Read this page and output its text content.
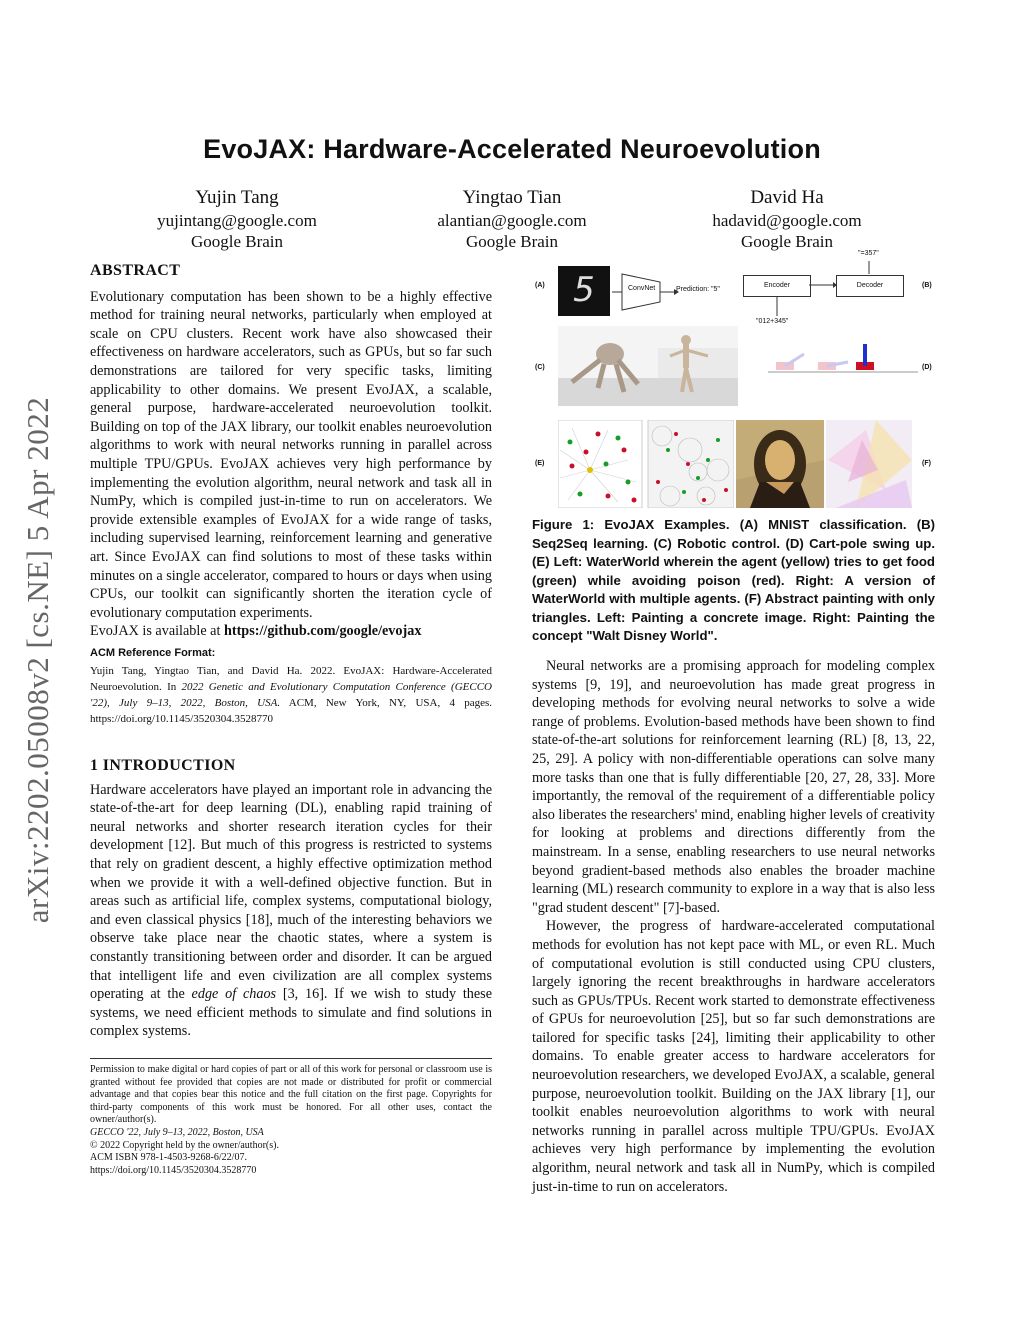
arXiv:2202.05008v2 [cs.NE] 5 Apr 2022
EvoJAX: Hardware-Accelerated Neuroevolution
Yujin Tang
yujintang@google.com
Google Brain
Yingtao Tian
alantian@google.com
Google Brain
David Ha
hadavid@google.com
Google Brain
ABSTRACT

Evolutionary computation has been shown to be a highly effective method for training neural networks, particularly when employed at scale on CPU clusters. Recent work have also showcased their effectiveness on hardware accelerators, such as GPUs, but so far such demonstrations are tailored for very specific tasks, limiting applicability to other domains. We present EvoJAX, a scalable, general purpose, hardware-accelerated neuroevolution toolkit. Building on top of the JAX library, our toolkit enables neuroevolution algorithms to work with neural networks running in parallel across multiple TPU/GPUs. EvoJAX achieves very high performance by implementing the evolution algorithm, neural network and task all in NumPy, which is compiled just-in-time to run on accelerators. We provide extensible examples of EvoJAX for a wide range of tasks, including supervised learning, reinforcement learning and generative art. Since EvoJAX can find solutions to most of these tasks within minutes on a single accelerator, compared to hours or days when using CPUs, our toolkit can significantly shorten the iteration cycle of evolutionary computation experiments.

EvoJAX is available at https://github.com/google/evojax

ACM Reference Format:

Yujin Tang, Yingtao Tian, and David Ha. 2022. EvoJAX: Hardware-Accelerated Neuroevolution. In 2022 Genetic and Evolutionary Computation Conference (GECCO '22), July 9–13, 2022, Boston, USA. ACM, New York, NY, USA, 4 pages. https://doi.org/10.1145/3520304.3528770

1 INTRODUCTION

Hardware accelerators have played an important role in advancing the state-of-the-art for deep learning (DL), enabling rapid training of neural networks and shorter research iteration cycles for their development [12]. But much of this progress is restricted to systems that rely on gradient descent, a highly effective optimization method when we provide it with a well-defined objective function. But in areas such as artificial life, complex systems, computational biology, and even classical physics [18], much of the interesting behaviors we observe take place near the chaotic states, where a system is constantly transitioning between order and disorder. It can be argued that intelligent life and even civilization are all complex systems operating at the edge of chaos [3, 16]. If we wish to study these systems, we need efficient methods to simulate and find solutions in complex systems.

Permission to make digital or hard copies of part or all of this work for personal or classroom use is granted without fee provided that copies are not made or distributed for profit or commercial advantage and that copies bear this notice and the full citation on the first page. Copyrights for third-party components of this work must be honored. For all other uses, contact the owner/author(s).
GECCO '22, July 9–13, 2022, Boston, USA
© 2022 Copyright held by the owner/author(s).
ACM ISBN 978-1-4503-9268-6/22/07.
https://doi.org/10.1145/3520304.3528770
(A) 5	ConvNet	Prediction: "5"
"=357"
Encoder	Decoder
"012+345"
(B)
(C)	(D)
(E)	(F)
Figure 1: EvoJAX Examples. (A) MNIST classification. (B) Seq2Seq learning. (C) Robotic control. (D) Cart-pole swing up. (E) Left: WaterWorld wherein the agent (yellow) tries to get food (green) while avoiding poison (red). Right: A version of WaterWorld with multiple agents. (F) Abstract painting with only triangles. Left: Painting a concrete image. Right: Painting the concept "Walt Disney World".

Neural networks are a promising approach for modeling complex systems [9, 19], and neuroevolution has made great progress in developing methods for evolving neural networks to solve a wide range of problems. Evolution-based methods have been shown to find state-of-the-art solutions for reinforcement learning (RL) [8, 13, 22, 25, 29]. A policy with non-differentiable operations can solve many more tasks than one that is fully differentiable [20, 27, 28, 33]. More importantly, the removal of the requirement of a differentiable policy also liberates the researchers' mind, enabling higher levels of creativity for looking at problems and directions differently from the mainstream. In a sense, enabling researchers to use neural networks beyond gradient-based methods also enables the broader machine learning (ML) research community to explore in a way that is also less "grad student descent" [7]-based.

However, the progress of hardware-accelerated computational methods for evolution has not kept pace with ML, or even RL. Much of computational evolution is still conducted using CPU clusters, largely ignoring the recent breakthroughs in hardware accelerators such as GPUs/TPUs. Recent work started to demonstrate effectiveness of GPUs for neuroevolution [25], but so far such demonstrations are tailored for specific tasks [24], limiting their applicability to other domains. To enable greater access to hardware accelerators for neuroevolution researchers, we developed EvoJAX, a scalable, general purpose, neuroevolution toolkit. Building on the JAX library [1], our toolkit enables neuroevolution algorithms to work with neural networks running in parallel across multiple TPU/GPUs. EvoJAX achieves very high performance by implementing the evolution algorithm, neural network and task all in NumPy, which is compiled just-in-time to run on accelerators.
